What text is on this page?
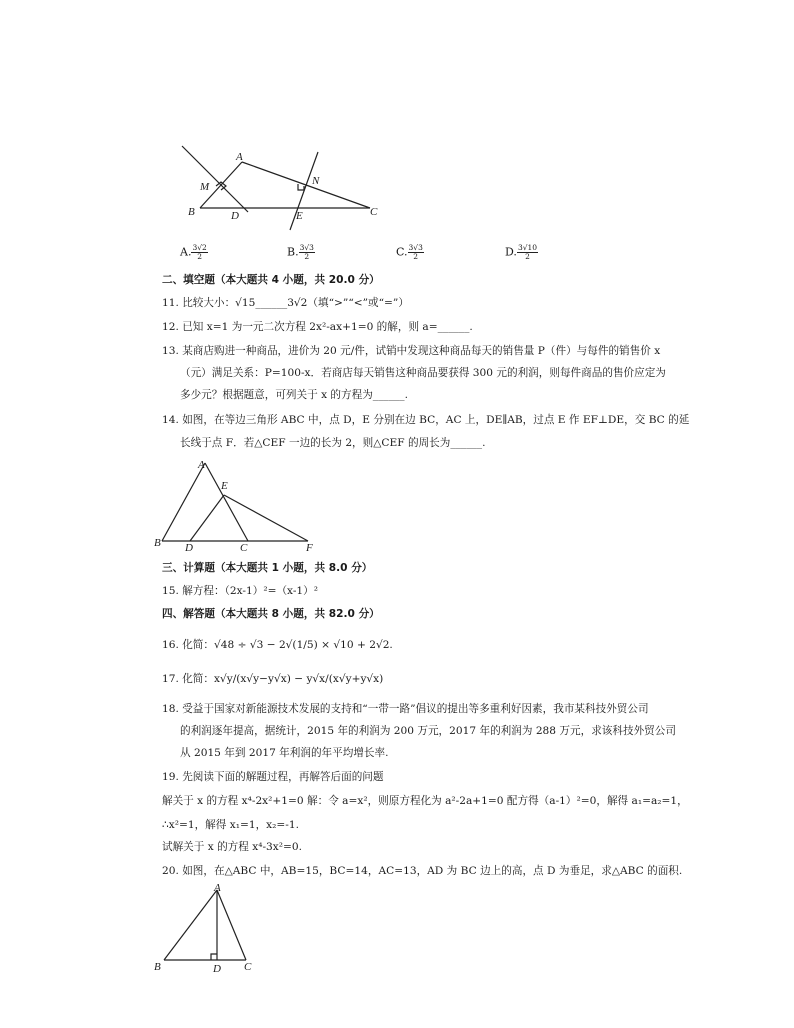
A
M	N
B	D	E	C
A. $\frac{3√2}{2}$	B. $\frac{3√3}{2}$	C. $\frac{3√3}{2}$	D. $\frac{3√10}{2}$
二、填空题（本大题共 4 小题，共 20.0 分）
11. 比较大小：√15______3√2（填“>”“<”或“=”）
12. 已知 x=1 为一元二次方程 2x²-ax+1=0 的解，则 a=______.
13. 某商店购进一种商品，进价为 20 元/件，试销中发现这种商品每天的销售量 P（件）与每件的销售价 x
（元）满足关系：P=100-x．若商店每天销售这种商品要获得 300 元的利润，则每件商品的售价应定为
多少元？根据题意，可列关于 x 的方程为______.
14. 如图，在等边三角形 ABC 中，点 D，E 分别在边 BC，AC 上，DE∥AB，过点 E 作 EF⊥DE，交 BC 的延
长线于点 F．若△CEF 一边的长为 2，则△CEF 的周长为______.
A
E
B D	C	F
三、计算题（本大题共 1 小题，共 8.0 分）
15. 解方程：（2x-1）²=（x-1）²
四、解答题（本大题共 8 小题，共 82.0 分）
16. 化简：√48 ÷ √3 − 2√(1/5) × √10 + 2√2.
17. 化简：x√y/(x√y−y√x) − y√x/(x√y+y√x)
18. 受益于国家对新能源技术发展的支持和“一带一路”倡议的提出等多重利好因素，我市某科技外贸公司
的利润逐年提高，据统计，2015 年的利润为 200 万元，2017 年的利润为 288 万元，求该科技外贸公司
从 2015 年到 2017 年利润的年平均增长率.
19. 先阅读下面的解题过程，再解答后面的问题
解关于 x 的方程 x⁴-2x²+1=0 解：令 a=x²，则原方程化为 a²-2a+1=0 配方得（a-1）²=0，解得 a₁=a₂=1，
∴x²=1，解得 x₁=1，x₂=-1.
试解关于 x 的方程 x⁴-3x²=0.
20. 如图，在△ABC 中，AB=15，BC=14，AC=13，AD 为 BC 边上的高，点 D 为垂足，求△ABC 的面积.
A
B	D C
